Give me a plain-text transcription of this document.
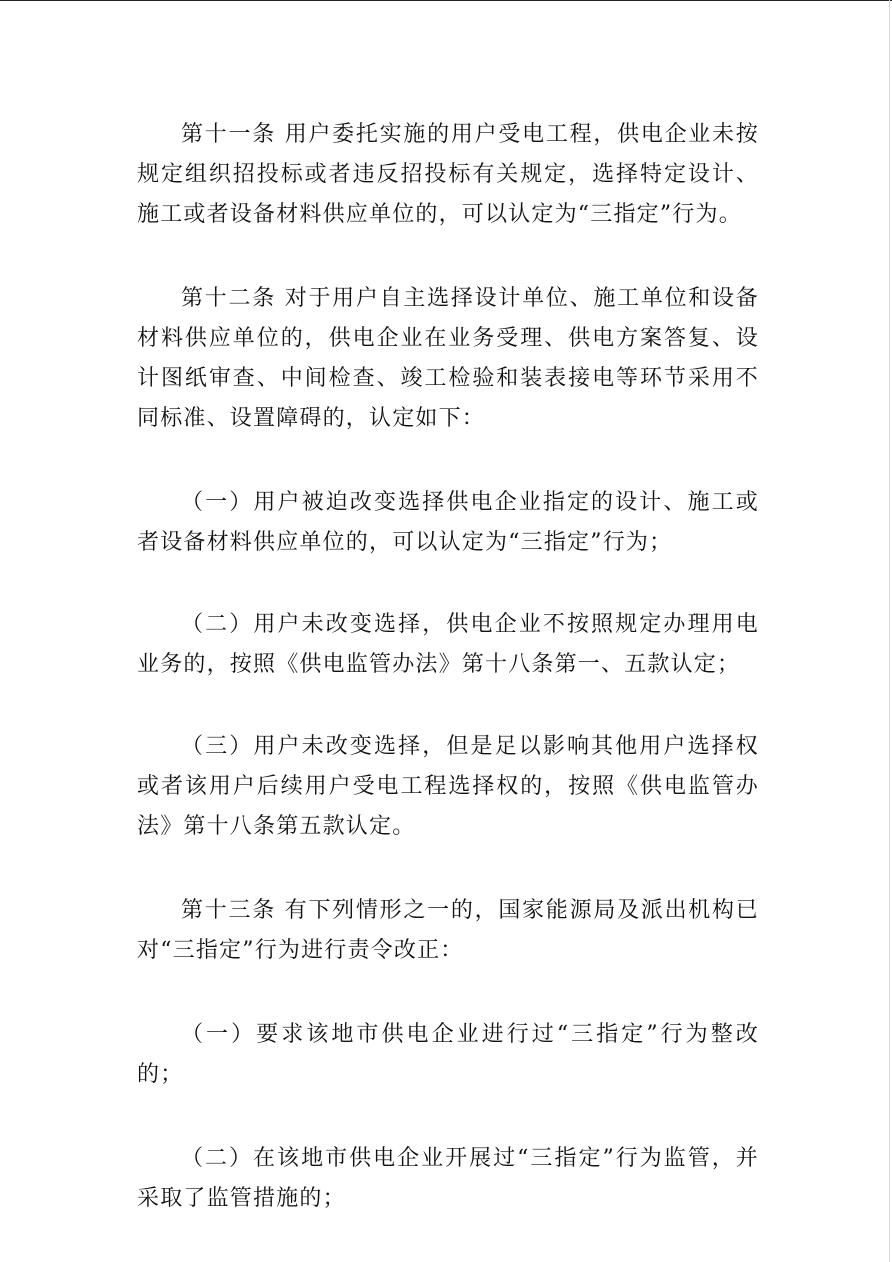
第十一条 用户委托实施的用户受电工程，供电企业未按规定组织招投标或者违反招投标有关规定，选择特定设计、施工或者设备材料供应单位的，可以认定为“三指定”行为。

第十二条 对于用户自主选择设计单位、施工单位和设备材料供应单位的，供电企业在业务受理、供电方案答复、设计图纸审查、中间检查、竣工检验和装表接电等环节采用不同标准、设置障碍的，认定如下：

（一）用户被迫改变选择供电企业指定的设计、施工或者设备材料供应单位的，可以认定为“三指定”行为；

（二）用户未改变选择，供电企业不按照规定办理用电业务的，按照《供电监管办法》第十八条第一、五款认定；

（三）用户未改变选择，但是足以影响其他用户选择权或者该用户后续用户受电工程选择权的，按照《供电监管办法》第十八条第五款认定。

第十三条 有下列情形之一的，国家能源局及派出机构已对“三指定”行为进行责令改正：

（一）要求该地市供电企业进行过“三指定”行为整改的；

（二）在该地市供电企业开展过“三指定”行为监管，并采取了监管措施的；
